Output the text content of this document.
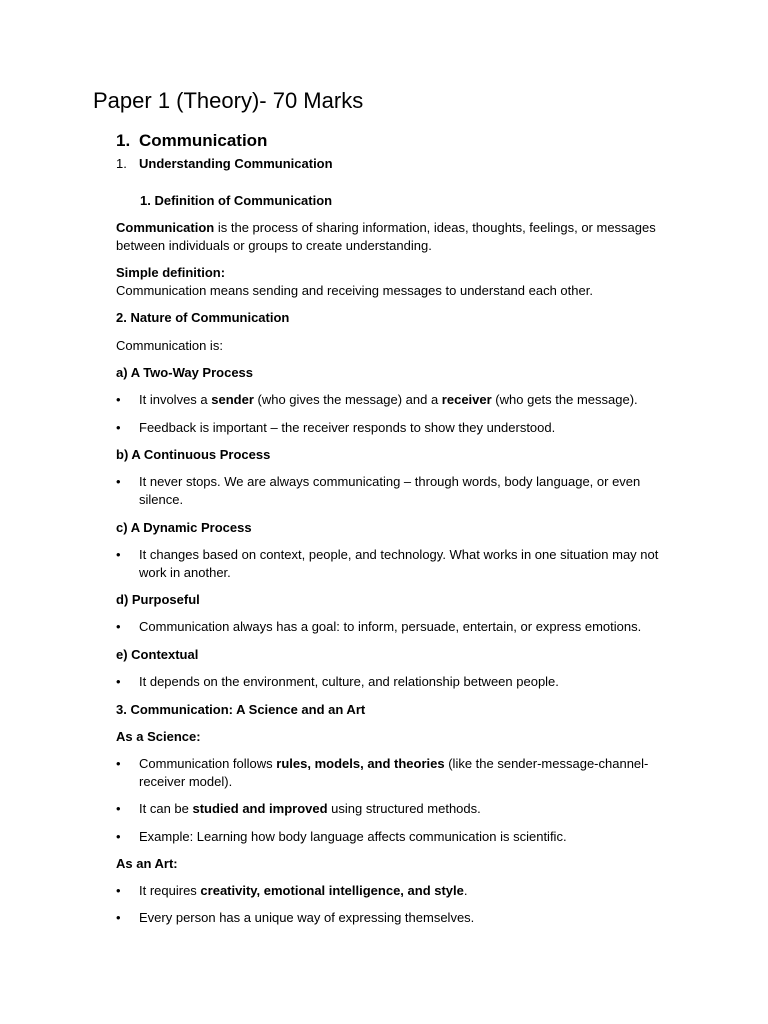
Paper 1 (Theory)- 70 Marks
1. Communication
1. Understanding Communication
1. Definition of Communication
Communication is the process of sharing information, ideas, thoughts, feelings, or messages
between individuals or groups to create understanding.
Simple definition:
Communication means sending and receiving messages to understand each other.
2. Nature of Communication
Communication is:
a) A Two-Way Process
•	It involves a sender (who gives the message) and a receiver (who gets the message).
•	Feedback is important – the receiver responds to show they understood.
b) A Continuous Process
•	It never stops. We are always communicating – through words, body language, or even
silence.
c) A Dynamic Process
•	It changes based on context, people, and technology. What works in one situation may not
work in another.
d) Purposeful
•	Communication always has a goal: to inform, persuade, entertain, or express emotions.
e) Contextual
•	It depends on the environment, culture, and relationship between people.
3. Communication: A Science and an Art
As a Science:
•	Communication follows rules, models, and theories (like the sender-message-channel-
receiver model).
•	It can be studied and improved using structured methods.
•	Example: Learning how body language affects communication is scientific.
As an Art:
•	It requires creativity, emotional intelligence, and style.
•	Every person has a unique way of expressing themselves.
